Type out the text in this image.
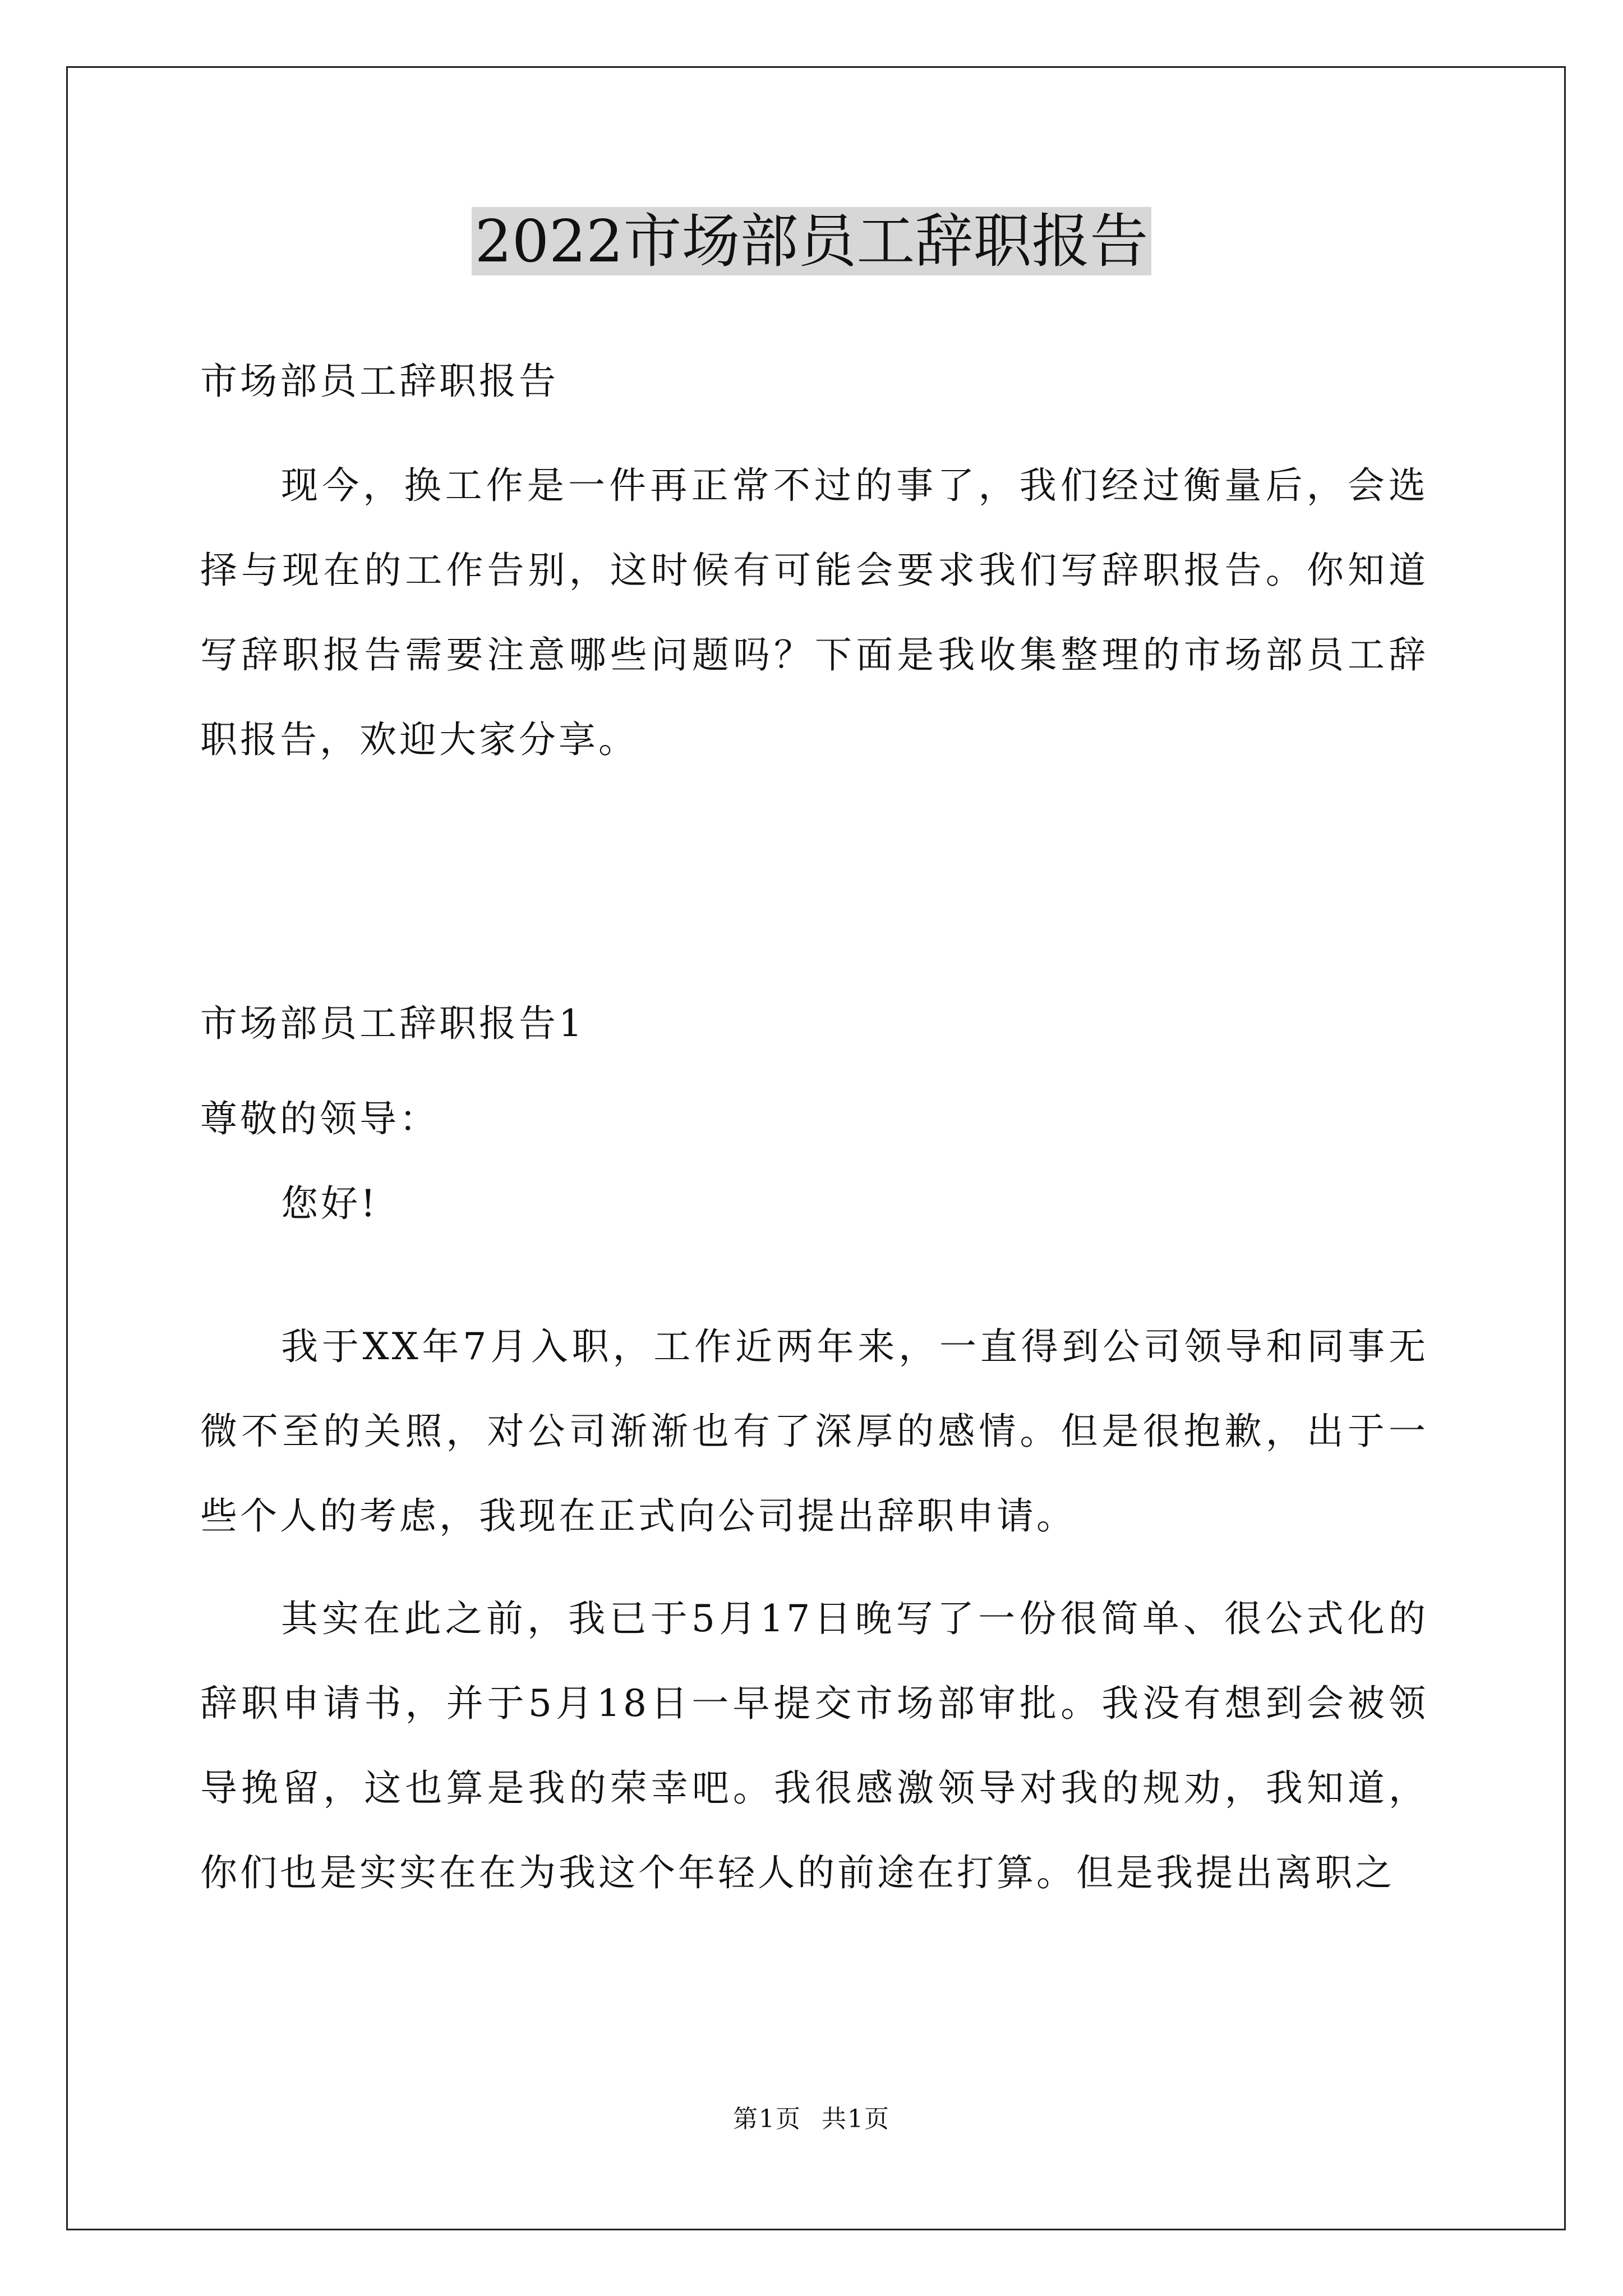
2022市场部员工辞职报告
市场部员工辞职报告
现今，换工作是一件再正常不过的事了，我们经过衡量后，会选择与现在的工作告别，这时候有可能会要求我们写辞职报告。你知道写辞职报告需要注意哪些问题吗？下面是我收集整理的市场部员工辞职报告，欢迎大家分享。
市场部员工辞职报告1
尊敬的领导：
您好!
我于XX年7月入职，工作近两年来，一直得到公司领导和同事无微不至的关照，对公司渐渐也有了深厚的感情。但是很抱歉，出于一些个人的考虑，我现在正式向公司提出辞职申请。
其实在此之前，我已于5月17日晚写了一份很简单、很公式化的辞职申请书，并于5月18日一早提交市场部审批。我没有想到会被领导挽留，这也算是我的荣幸吧。我很感激领导对我的规劝，我知道，你们也是实实在在为我这个年轻人的前途在打算。但是我提出离职之
第1页 共1页
